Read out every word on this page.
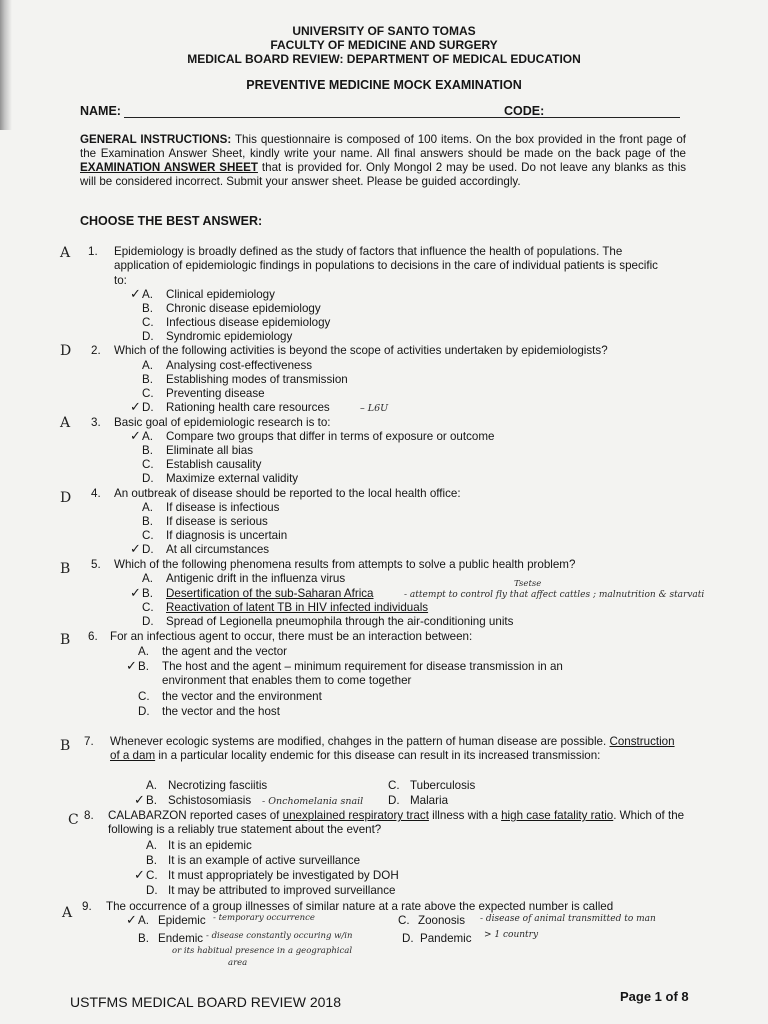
UNIVERSITY OF SANTO TOMAS
FACULTY OF MEDICINE AND SURGERY
MEDICAL BOARD REVIEW: DEPARTMENT OF MEDICAL EDUCATION
PREVENTIVE MEDICINE MOCK EXAMINATION
NAME:	CODE:
GENERAL INSTRUCTIONS: This questionnaire is composed of 100 items. On the box provided in the front page of the Examination Answer Sheet, kindly write your name. All final answers should be made on the back page of the EXAMINATION ANSWER SHEET that is provided for. Only Mongol 2 may be used. Do not leave any blanks as this will be considered incorrect. Submit your answer sheet. Please be guided accordingly.
CHOOSE THE BEST ANSWER:
A 1. Epidemiology is broadly defined as the study of factors that influence the health of populations. The application of epidemiologic findings in populations to decisions in the care of individual patients is specific to:
✓ A. Clinical epidemiology
B. Chronic disease epidemiology
C. Infectious disease epidemiology
D. Syndromic epidemiology
D 2. Which of the following activities is beyond the scope of activities undertaken by epidemiologists?
A. Analysing cost-effectiveness
B. Establishing modes of transmission
C. Preventing disease
✓ D. Rationing health care resources	– L6U
A 3. Basic goal of epidemiologic research is to:
✓ A. Compare two groups that differ in terms of exposure or outcome
B. Eliminate all bias
C. Establish causality
D. Maximize external validity
D 4. An outbreak of disease should be reported to the local health office:
A. If disease is infectious
B. If disease is serious
C. If diagnosis is uncertain
✓ D. At all circumstances
B 5. Which of the following phenomena results from attempts to solve a public health problem?
A. Antigenic drift in the influenza virus
✓ B. Desertification of the sub-Saharan Africa	- attempt to control fly that affect cattles ; malnutrition & starvati
Tsetse
C. Reactivation of latent TB in HIV infected individuals
D. Spread of Legionella pneumophila through the air-conditioning units
B 6. For an infectious agent to occur, there must be an interaction between:
A. the agent and the vector
✓ B. The host and the agent – minimum requirement for disease transmission in an
environment that enables them to come together
C. the vector and the environment
D. the vector and the host
B 7. Whenever ecologic systems are modified, chahges in the pattern of human disease are possible. Construction of a dam in a particular locality endemic for this disease can result in its increased transmission:
A. Necrotizing fasciitis	C. Tuberculosis
✓ B. Schistosomiasis - Onchomelania snail D. Malaria
C 8. CALABARZON reported cases of unexplained respiratory tract illness with a high case fatality ratio. Which of the following is a reliably true statement about the event?
A. It is an epidemic
B. It is an example of active surveillance
✓ C. It must appropriately be investigated by DOH
D. It may be attributed to improved surveillance
A 9. The occurrence of a group illnesses of similar nature at a rate above the expected number is called
✓ A. Epidemic - temporary occurrence	C. Zoonosis - disease of animal transmitted to man
B. Endemic - disease constantly occuring w/in	D. Pandemic > 1 country
or its habitual presence in a geographical
area
USTFMS MEDICAL BOARD REVIEW 2018	Page 1 of 8
